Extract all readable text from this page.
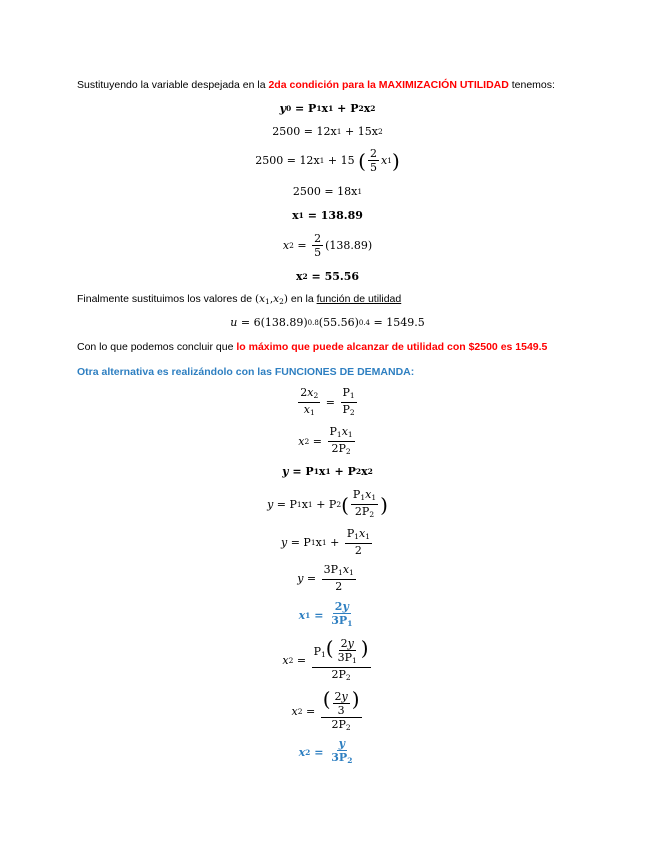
Sustituyendo la variable despejada en la 2da condición para la MAXIMIZACIÓN UTILIDAD tenemos:
y 0 = P 1 x 1 + P 2 x 2
2500 = 12 x 1 + 15 x 2
2500 = 12 x 1 + 15
( $\frac{2}{5}$ x 1 )
2500 = 18 x 1
x 1 = 138.89
x $2 = \frac{2}{5} (138.89)$
x 2 = 55.56
Finalmente sustituimos los valores de $(x_1,x_2)$ en la función de utilidad
u = 6 (138.89) 0.8 (55.56) 0.4 = 1549.5
Con lo que podemos concluir que lo máximo que puede alcanzar de utilidad con $2500 es 1549.5
Otra alternativa es realizándolo con las FUNCIONES DE DEMANDA:
$\frac{2x_2}{x_1} = \frac{P_1}{P_2}$
x $2 = \frac{P_1x_1}{2P_2}$
y = P 1 x 1 + P 2 x 2
y = P 1 x 1 + P 2 ( $\frac{P_1x_1}{2P_2}$ )
y = P 1 x $1 + \frac{P_1x_1}{2}$
$y = \frac{3P_1x_1}{2}$
x $1 = \frac{2y}{3P_1}$
x $2 = \frac{P_1( \frac{2y}{3P_1} )}{2P_2}$
x $2 = \frac{( \frac{2y}{3} )}{2P_2}$
x $2 = \frac{y}{3P_2}$
